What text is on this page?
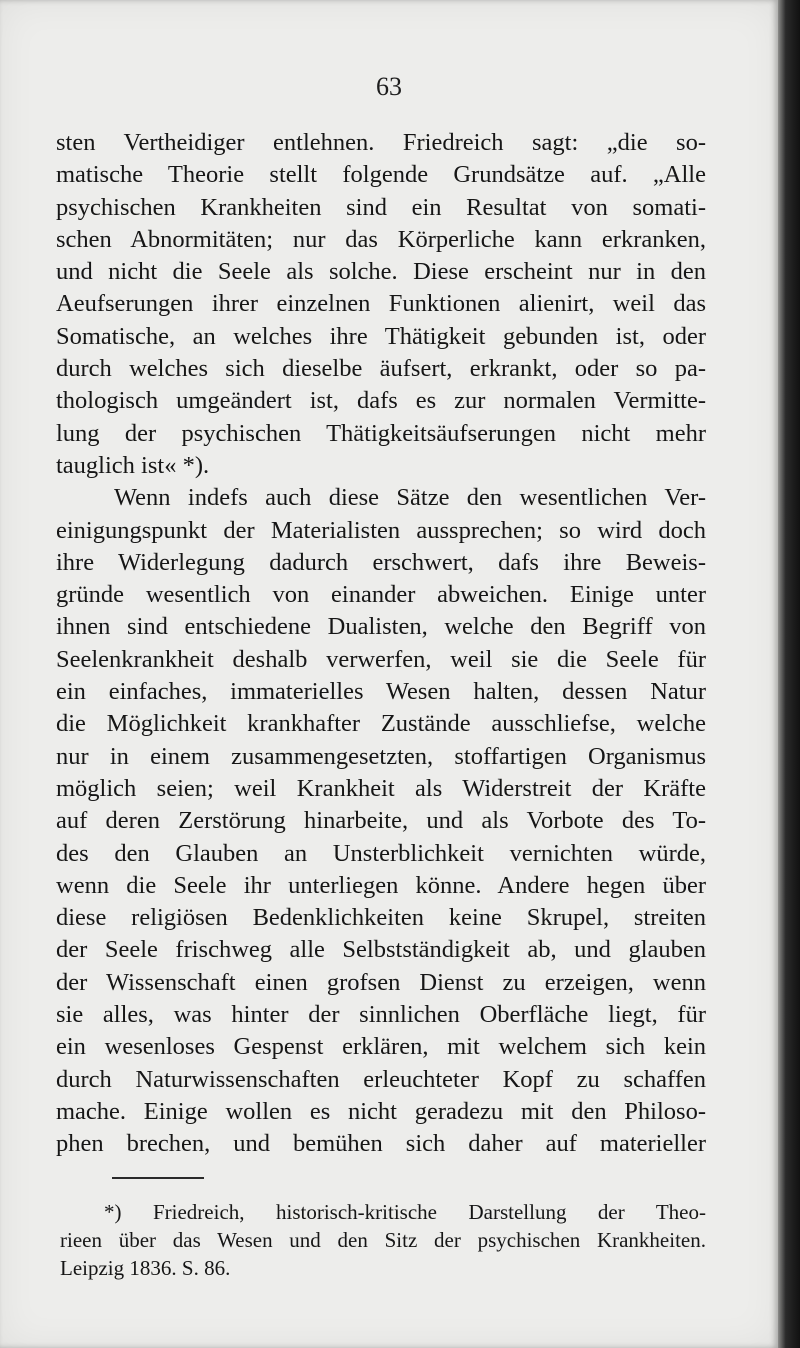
63
sten Vertheidiger entlehnen. Friedreich sagt: „die so-
matische Theorie stellt folgende Grundsätze auf. „Alle
psychischen Krankheiten sind ein Resultat von somati-
schen Abnormitäten; nur das Körperliche kann erkranken,
und nicht die Seele als solche. Diese erscheint nur in den
Aeufserungen ihrer einzelnen Funktionen alienirt, weil das
Somatische, an welches ihre Thätigkeit gebunden ist, oder
durch welches sich dieselbe äufsert, erkrankt, oder so pa-
thologisch umgeändert ist, dafs es zur normalen Vermitte-
lung der psychischen Thätigkeitsäufserungen nicht mehr
tauglich ist« *).
Wenn indefs auch diese Sätze den wesentlichen Ver-
einigungspunkt der Materialisten aussprechen; so wird doch
ihre Widerlegung dadurch erschwert, dafs ihre Beweis-
gründe wesentlich von einander abweichen. Einige unter
ihnen sind entschiedene Dualisten, welche den Begriff von
Seelenkrankheit deshalb verwerfen, weil sie die Seele für
ein einfaches, immaterielles Wesen halten, dessen Natur
die Möglichkeit krankhafter Zustände ausschliefse, welche
nur in einem zusammengesetzten, stoffartigen Organismus
möglich seien; weil Krankheit als Widerstreit der Kräfte
auf deren Zerstörung hinarbeite, und als Vorbote des To-
des den Glauben an Unsterblichkeit vernichten würde,
wenn die Seele ihr unterliegen könne. Andere hegen über
diese religiösen Bedenklichkeiten keine Skrupel, streiten
der Seele frischweg alle Selbstständigkeit ab, und glauben
der Wissenschaft einen grofsen Dienst zu erzeigen, wenn
sie alles, was hinter der sinnlichen Oberfläche liegt, für
ein wesenloses Gespenst erklären, mit welchem sich kein
durch Naturwissenschaften erleuchteter Kopf zu schaffen
mache. Einige wollen es nicht geradezu mit den Philoso-
phen brechen, und bemühen sich daher auf materieller
*) Friedreich, historisch-kritische Darstellung der Theo-
rieen über das Wesen und den Sitz der psychischen Krankheiten.
Leipzig 1836. S. 86.
